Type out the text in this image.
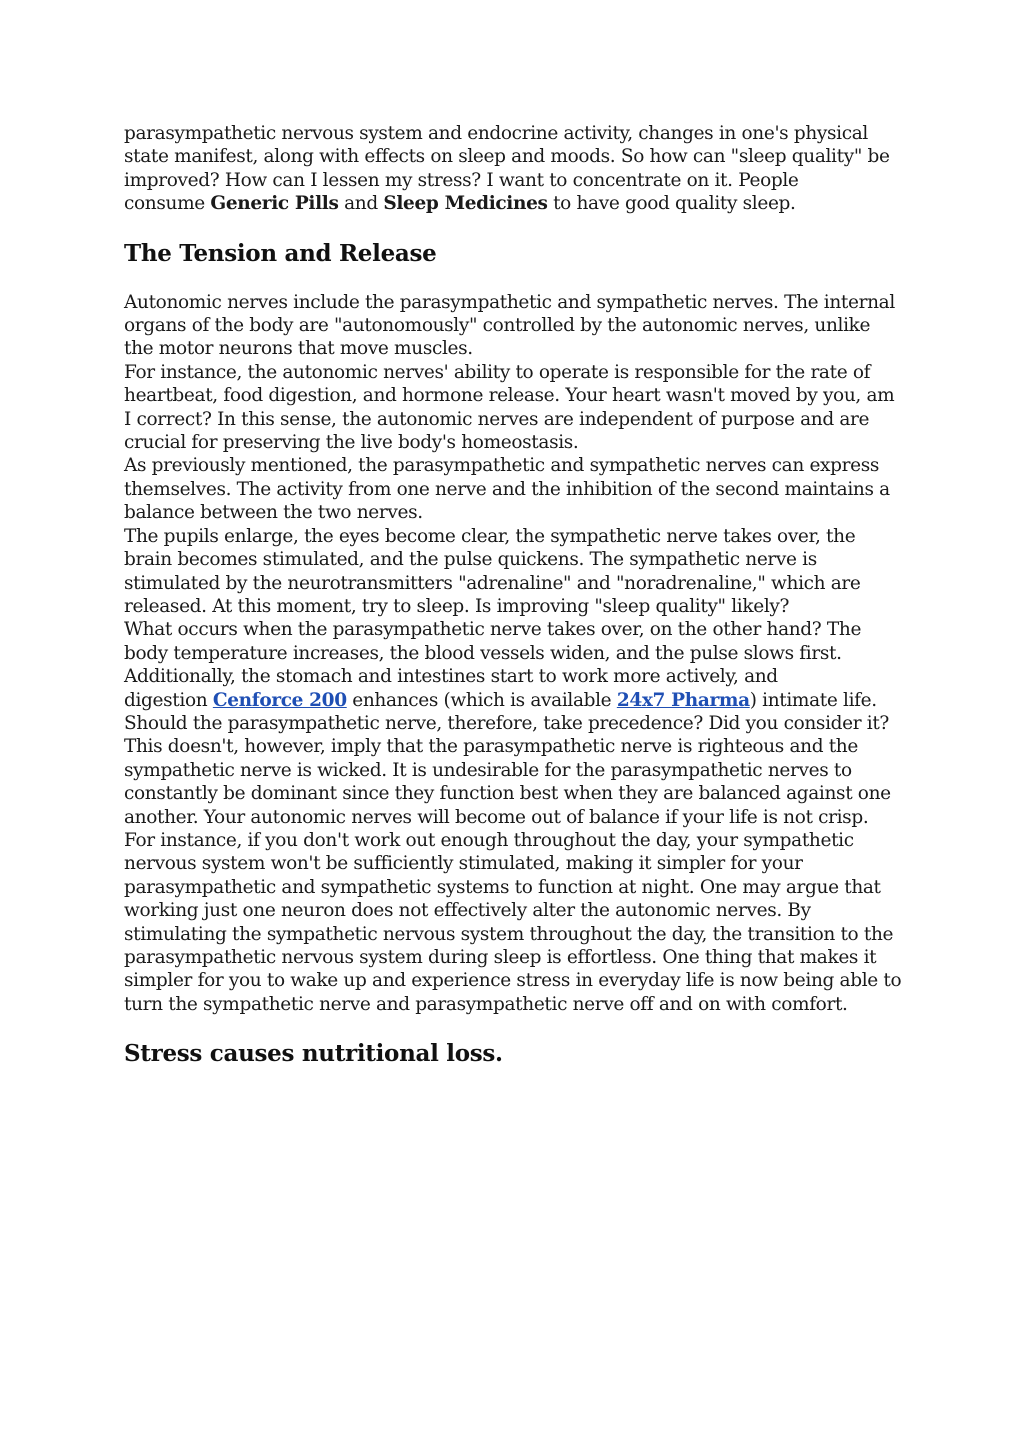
parasympathetic nervous system and endocrine activity, changes in one's physical
state manifest, along with effects on sleep and moods. So how can "sleep quality" be
improved? How can I lessen my stress? I want to concentrate on it. People
consume Generic Pills and Sleep Medicines to have good quality sleep.

The Tension and Release

Autonomic nerves include the parasympathetic and sympathetic nerves. The internal
organs of the body are "autonomously" controlled by the autonomic nerves, unlike
the motor neurons that move muscles.
For instance, the autonomic nerves' ability to operate is responsible for the rate of
heartbeat, food digestion, and hormone release. Your heart wasn't moved by you, am
I correct? In this sense, the autonomic nerves are independent of purpose and are
crucial for preserving the live body's homeostasis.
As previously mentioned, the parasympathetic and sympathetic nerves can express
themselves. The activity from one nerve and the inhibition of the second maintains a
balance between the two nerves.
The pupils enlarge, the eyes become clear, the sympathetic nerve takes over, the
brain becomes stimulated, and the pulse quickens. The sympathetic nerve is
stimulated by the neurotransmitters "adrenaline" and "noradrenaline," which are
released. At this moment, try to sleep. Is improving "sleep quality" likely?
What occurs when the parasympathetic nerve takes over, on the other hand? The
body temperature increases, the blood vessels widen, and the pulse slows first.
Additionally, the stomach and intestines start to work more actively, and
digestion Cenforce 200 enhances (which is available 24x7 Pharma) intimate life.
Should the parasympathetic nerve, therefore, take precedence? Did you consider it?
This doesn't, however, imply that the parasympathetic nerve is righteous and the
sympathetic nerve is wicked. It is undesirable for the parasympathetic nerves to
constantly be dominant since they function best when they are balanced against one
another. Your autonomic nerves will become out of balance if your life is not crisp.
For instance, if you don't work out enough throughout the day, your sympathetic
nervous system won't be sufficiently stimulated, making it simpler for your
parasympathetic and sympathetic systems to function at night. One may argue that
working just one neuron does not effectively alter the autonomic nerves. By
stimulating the sympathetic nervous system throughout the day, the transition to the
parasympathetic nervous system during sleep is effortless. One thing that makes it
simpler for you to wake up and experience stress in everyday life is now being able to
turn the sympathetic nerve and parasympathetic nerve off and on with comfort.

Stress causes nutritional loss.
